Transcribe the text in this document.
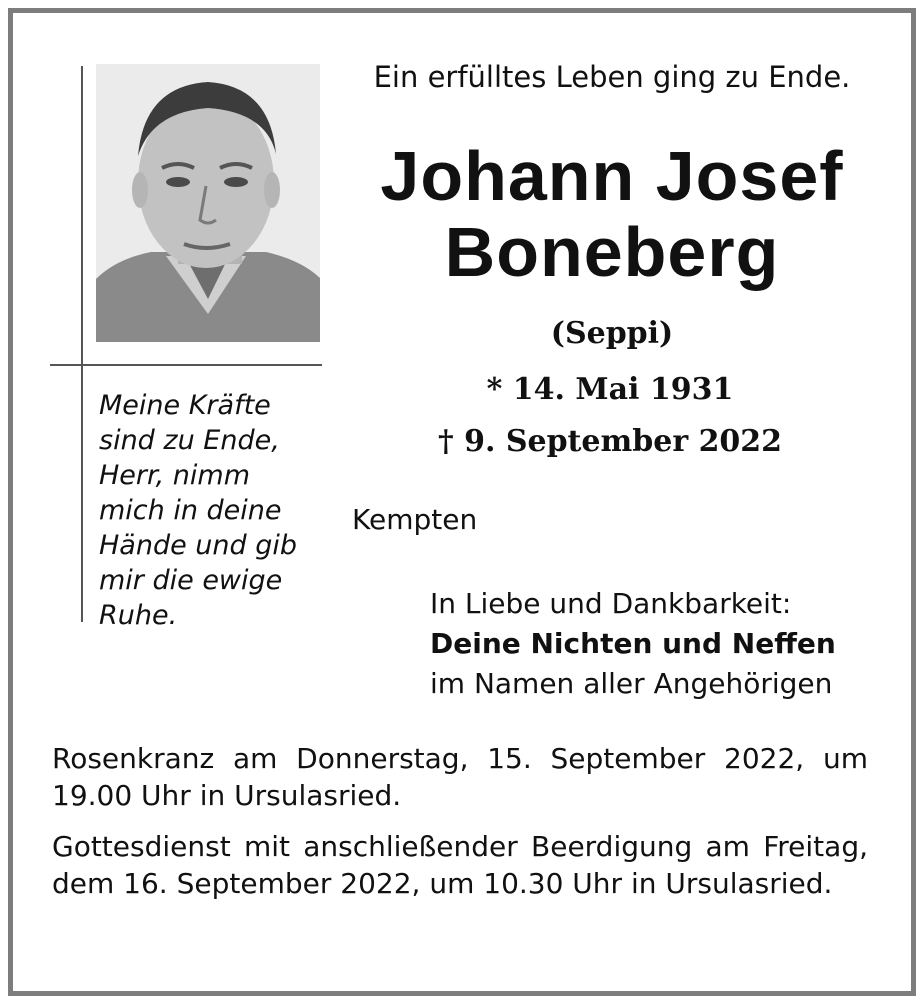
Ein erfülltes Leben ging zu Ende.
Johann Josef
Boneberg
(Seppi)
* 14. Mai 1931
† 9. September 2022
Meine Kräfte
sind zu Ende,
Herr, nimm
mich in deine
Hände und gib
mir die ewige
Ruhe.
Kempten
In Liebe und Dankbarkeit:
Deine Nichten und Neffen
im Namen aller Angehörigen
Rosenkranz am Donnerstag, 15. September 2022, um 19.00 Uhr in Ursulasried.
Gottesdienst mit anschließender Beerdigung am Freitag, dem 16. September 2022, um 10.30 Uhr in Ursulasried.
